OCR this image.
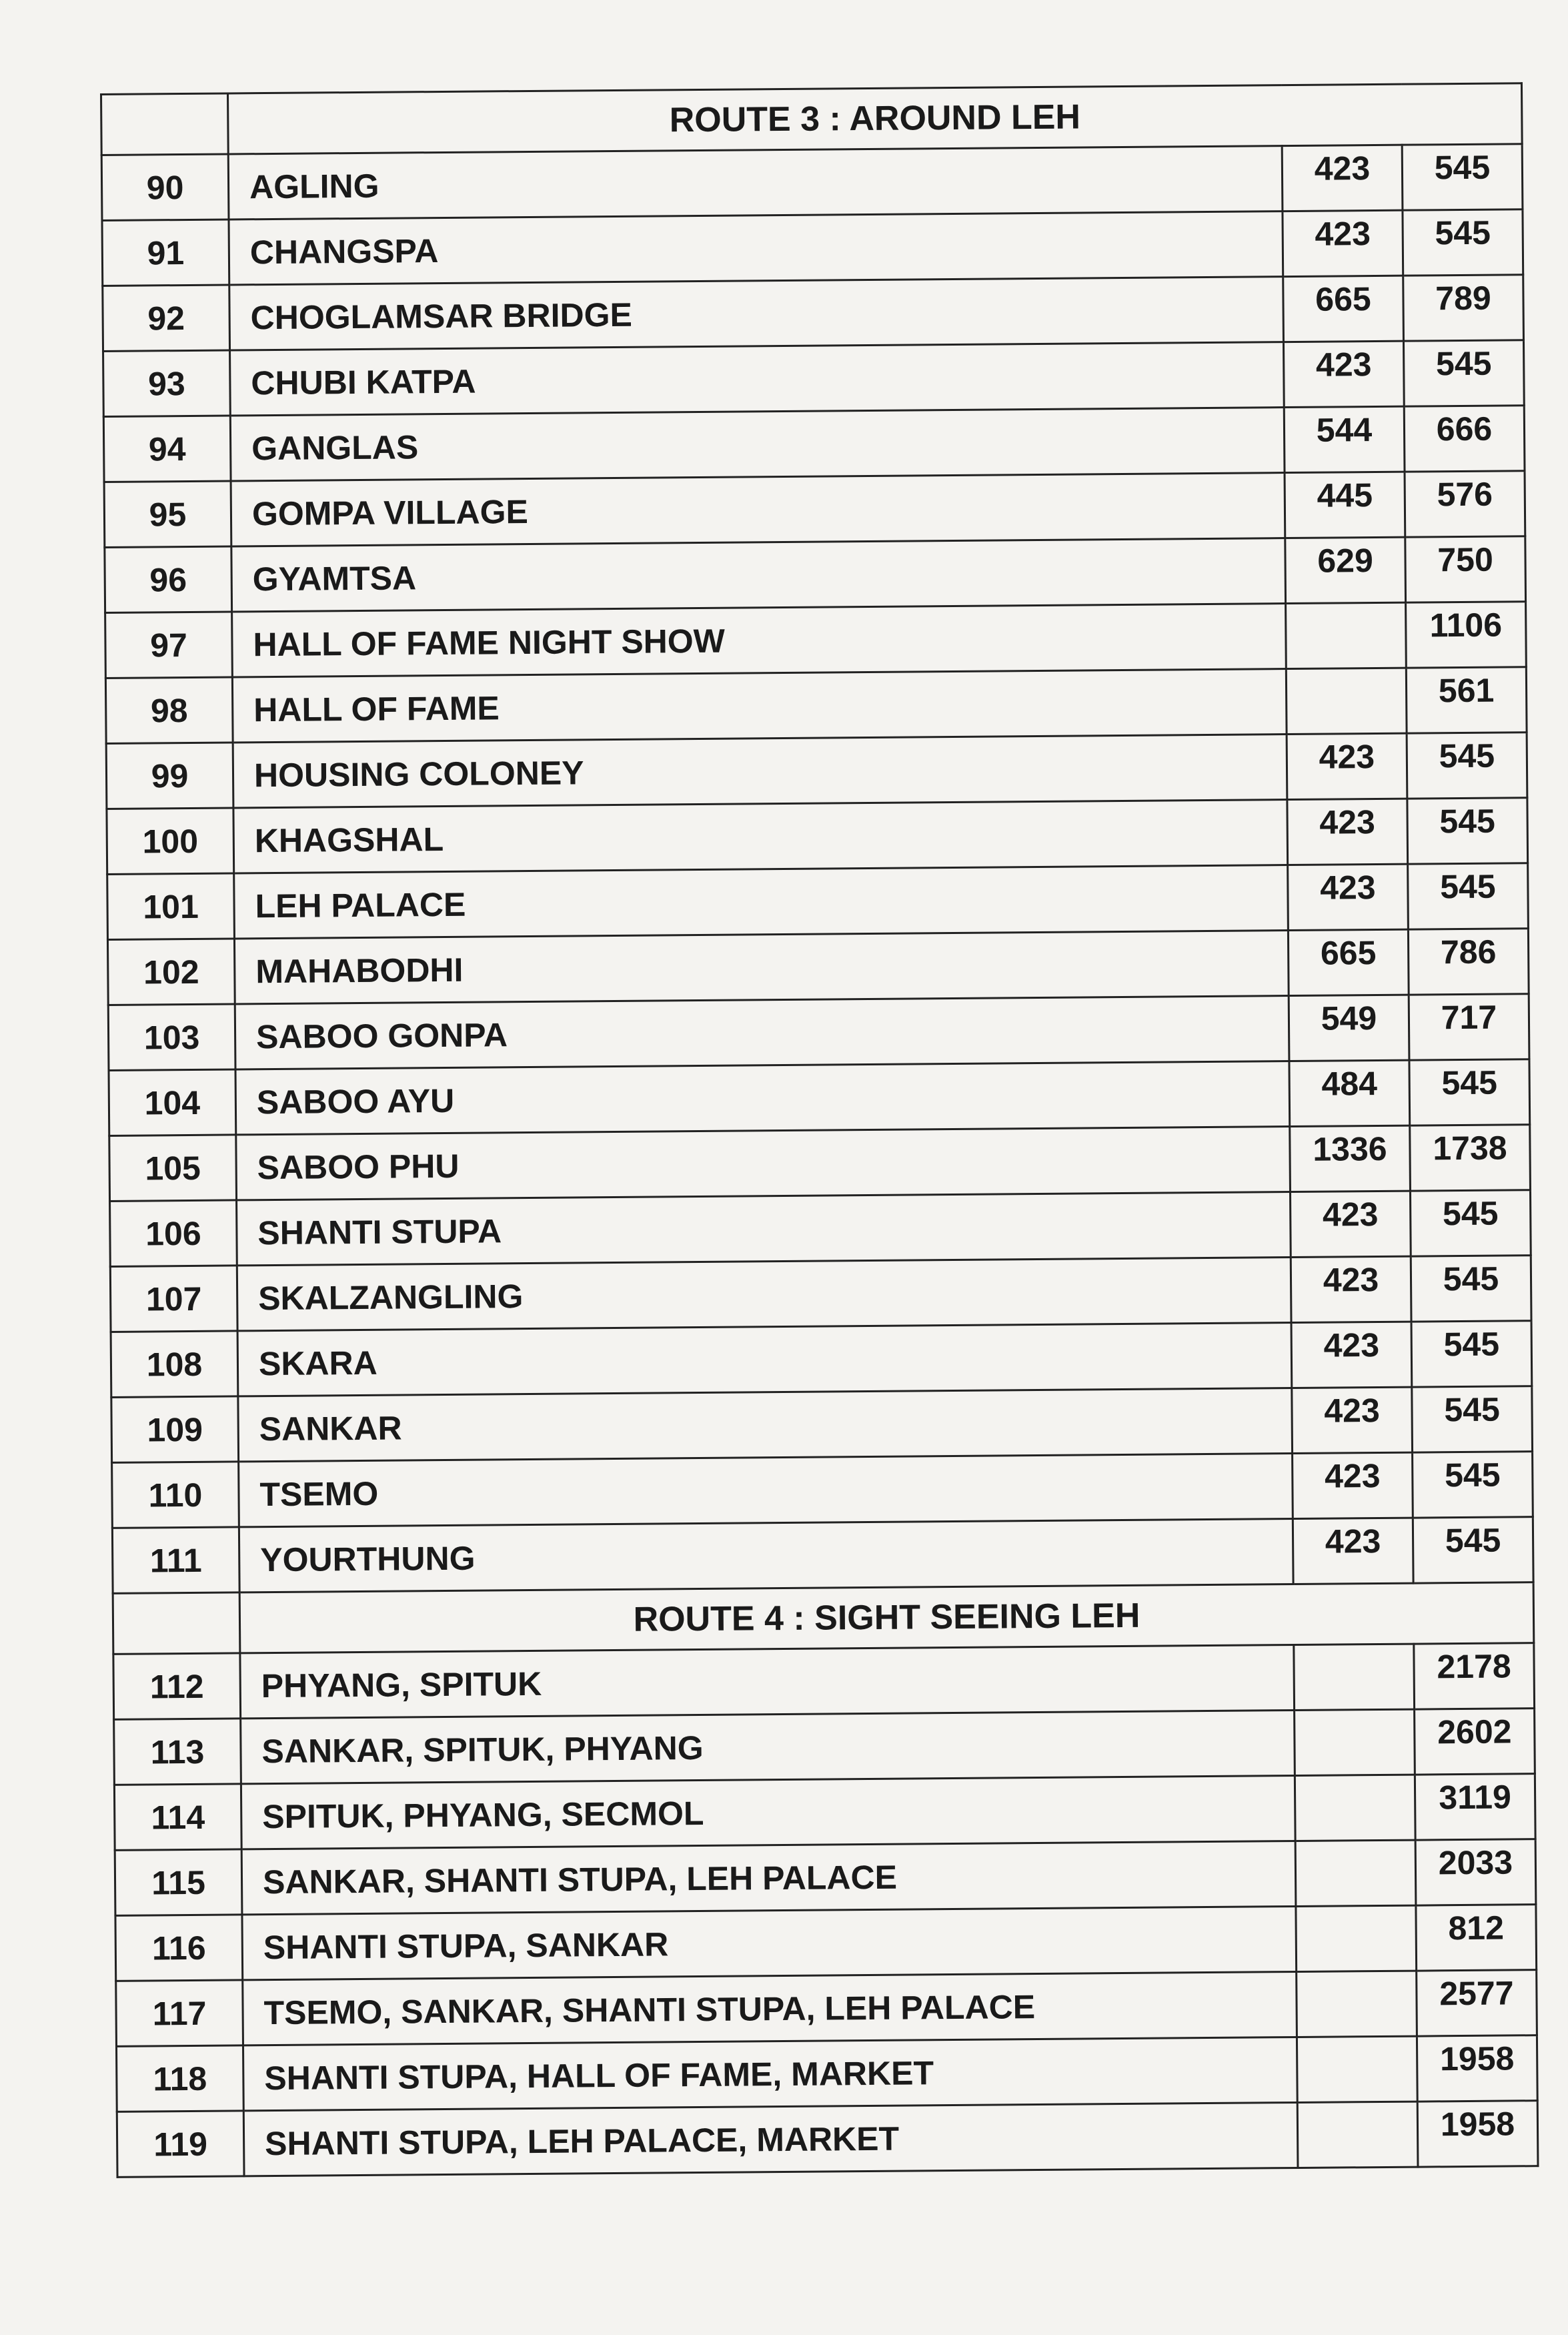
	ROUTE 3 : AROUND LEH		
90	AGLING	423	545
91	CHANGSPA	423	545
92	CHOGLAMSAR BRIDGE	665	789
93	CHUBI KATPA	423	545
94	GANGLAS	544	666
95	GOMPA VILLAGE	445	576
96	GYAMTSA	629	750
97	HALL OF FAME NIGHT SHOW		1106
98	HALL OF FAME		561
99	HOUSING COLONEY	423	545
100	KHAGSHAL	423	545
101	LEH PALACE	423	545
102	MAHABODHI	665	786
103	SABOO GONPA	549	717
104	SABOO AYU	484	545
105	SABOO PHU	1336	1738
106	SHANTI STUPA	423	545
107	SKALZANGLING	423	545
108	SKARA	423	545
109	SANKAR	423	545
110	TSEMO	423	545
111	YOURTHUNG	423	545
	ROUTE 4 : SIGHT SEEING LEH		
112	PHYANG, SPITUK		2178
113	SANKAR, SPITUK, PHYANG		2602
114	SPITUK, PHYANG, SECMOL		3119
115	SANKAR, SHANTI STUPA, LEH PALACE		2033
116	SHANTI STUPA, SANKAR		812
117	TSEMO, SANKAR, SHANTI STUPA, LEH PALACE		2577
118	SHANTI STUPA, HALL OF FAME, MARKET		1958
119	SHANTI STUPA, LEH PALACE, MARKET		1958
